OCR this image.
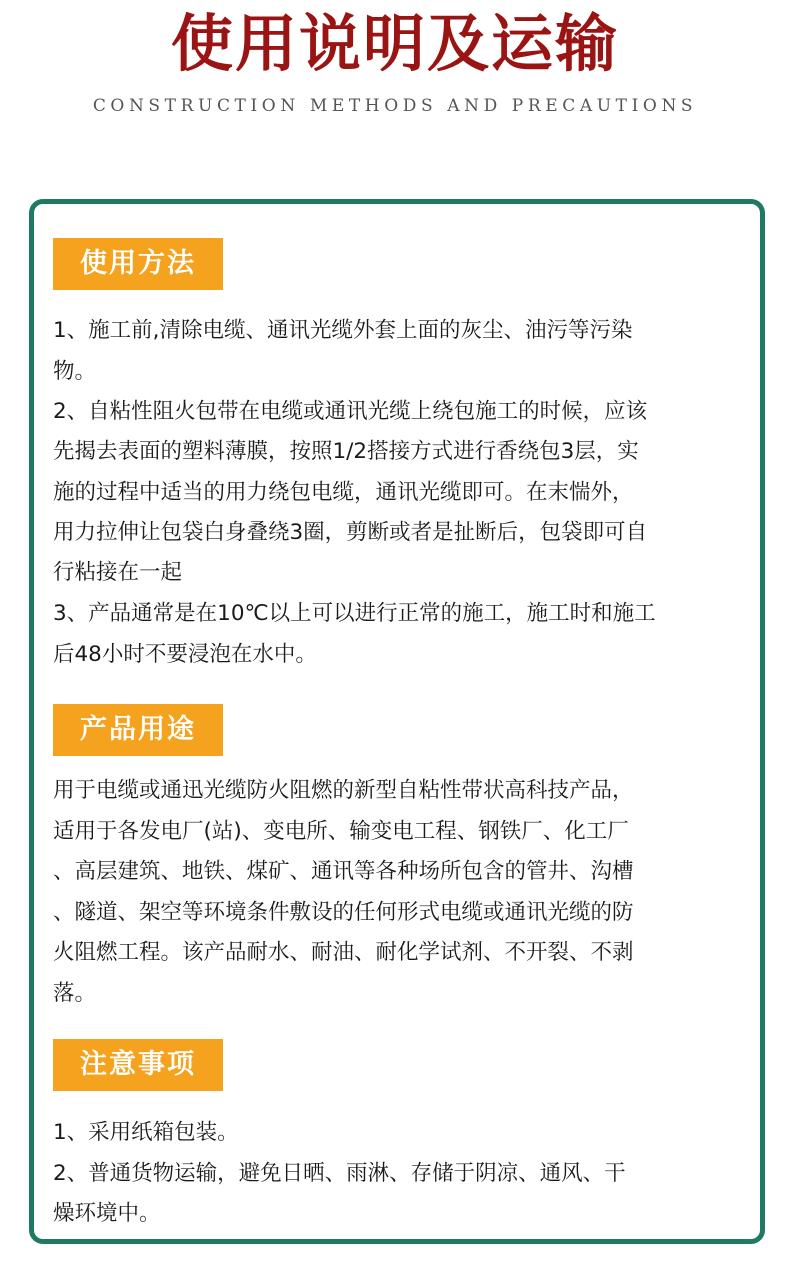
使用说明及运输
CONSTRUCTION METHODS AND PRECAUTIONS
使用方法
1、施工前,清除电缆、通讯光缆外套上面的灰尘、油污等污染
物。
2、自粘性阻火包带在电缆或通讯光缆上绕包施工的时候，应该
先揭去表面的塑料薄膜，按照1/2搭接方式进行香绕包3层，实
施的过程中适当的用力绕包电缆，通讯光缆即可。在末惴外，
用力拉伸让包袋白身叠绕3圈，剪断或者是扯断后，包袋即可自
行粘接在一起
3、产品通常是在10℃以上可以进行正常的施工，施工时和施工
后48小时不要浸泡在水中。
产品用途
用于电缆或通迅光缆防火阻燃的新型自粘性带状高科技产品，
适用于各发电厂(站)、变电所、输变电工程、钢铁厂、化工厂
、高层建筑、地铁、煤矿、通讯等各种场所包含的管井、沟槽
、隧道、架空等环境条件敷设的任何形式电缆或通讯光缆的防
火阻燃工程。该产品耐水、耐油、耐化学试剂、不开裂、不剥
落。
注意事项
1、采用纸箱包装。
2、普通货物运输，避免日晒、雨淋、存储于阴凉、通风、干
燥环境中。
